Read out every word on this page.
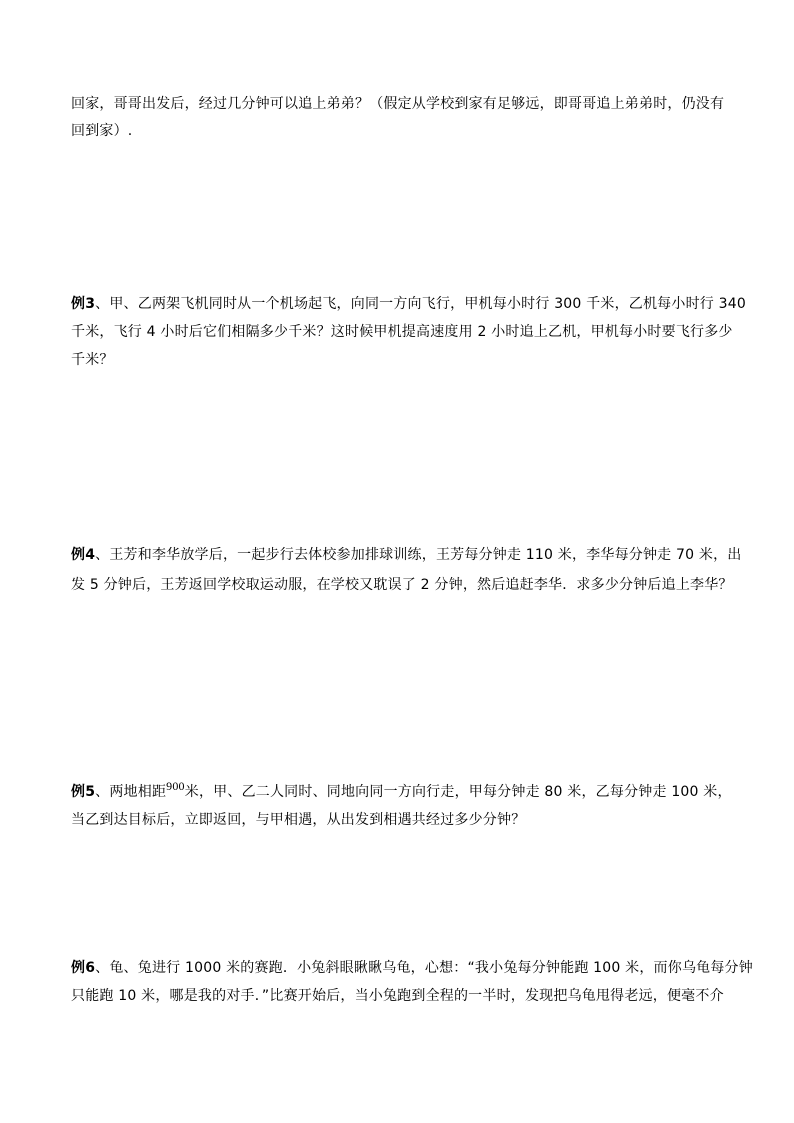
回家，哥哥出发后，经过几分钟可以追上弟弟？（假定从学校到家有足够远，即哥哥追上弟弟时，仍没有
回到家）.
例3、甲、乙两架飞机同时从一个机场起飞，向同一方向飞行，甲机每小时行 300 千米，乙机每小时行 340
千米，飞行 4 小时后它们相隔多少千米？这时候甲机提高速度用 2 小时追上乙机，甲机每小时要飞行多少
千米？
例4、王芳和李华放学后，一起步行去体校参加排球训练，王芳每分钟走 110 米，李华每分钟走 70 米，出
发 5 分钟后，王芳返回学校取运动服，在学校又耽误了 2 分钟，然后追赶李华．求多少分钟后追上李华？
例5、两地相距900米，甲、乙二人同时、同地向同一方向行走，甲每分钟走 80 米，乙每分钟走 100 米，
当乙到达目标后，立即返回，与甲相遇，从出发到相遇共经过多少分钟？
例6、龟、兔进行 1000 米的赛跑．小兔斜眼瞅瞅乌龟，心想：“我小兔每分钟能跑 100 米，而你乌龟每分钟
只能跑 10 米，哪是我的对手．”比赛开始后，当小兔跑到全程的一半时，发现把乌龟甩得老远，便毫不介
